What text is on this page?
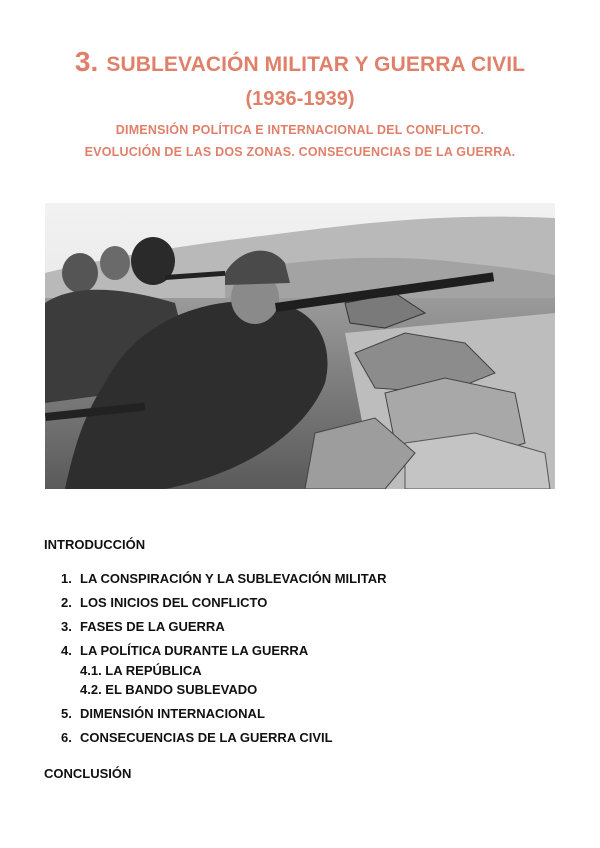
3. SUBLEVACIÓN MILITAR Y GUERRA CIVIL
(1936-1939)
DIMENSIÓN POLÍTICA E INTERNACIONAL DEL CONFLICTO.
EVOLUCIÓN DE LAS DOS ZONAS. CONSECUENCIAS DE LA GUERRA.
INTRODUCCIÓN
1. LA CONSPIRACIÓN Y LA SUBLEVACIÓN MILITAR
2. LOS INICIOS DEL CONFLICTO
3. FASES DE LA GUERRA
4. LA POLÍTICA DURANTE LA GUERRA
4.1. LA REPÚBLICA
4.2. EL BANDO SUBLEVADO
5. DIMENSIÓN INTERNACIONAL
6. CONSECUENCIAS DE LA GUERRA CIVIL
CONCLUSIÓN
